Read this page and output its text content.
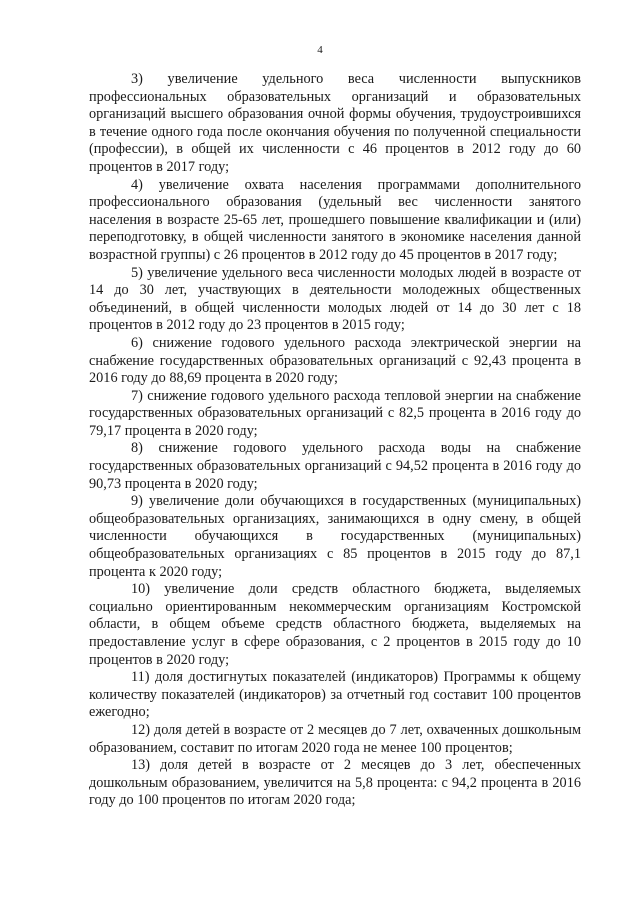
4

3) увеличение удельного веса численности выпускников профессиональных образовательных организаций и образовательных организаций высшего образования очной формы обучения, трудоустроившихся в течение одного года после окончания обучения по полученной специальности (профессии), в общей их численности с 46 процентов в 2012 году до 60 процентов в 2017 году;

4) увеличение охвата населения программами дополнительного профессионального образования (удельный вес численности занятого населения в возрасте 25-65 лет, прошедшего повышение квалификации и (или) переподготовку, в общей численности занятого в экономике населения данной возрастной группы) с 26 процентов в 2012 году до 45 процентов в 2017 году;

5) увеличение удельного веса численности молодых людей в возрасте от 14 до 30 лет, участвующих в деятельности молодежных общественных объединений, в общей численности молодых людей от 14 до 30 лет с 18 процентов в 2012 году до 23 процентов в 2015 году;

6) снижение годового удельного расхода электрической энергии на снабжение государственных образовательных организаций с 92,43 процента в 2016 году до 88,69 процента в 2020 году;

7) снижение годового удельного расхода тепловой энергии на снабжение государственных образовательных организаций с 82,5 процента в 2016 году до 79,17 процента в 2020 году;

8) снижение годового удельного расхода воды на снабжение государственных образовательных организаций с 94,52 процента в 2016 году до 90,73 процента в 2020 году;

9) увеличение доли обучающихся в государственных (муниципальных) общеобразовательных организациях, занимающихся в одну смену, в общей численности обучающихся в государственных (муниципальных) общеобразовательных организациях с 85 процентов в 2015 году до 87,1 процента к 2020 году;

10) увеличение доли средств областного бюджета, выделяемых социально ориентированным некоммерческим организациям Костромской области, в общем объеме средств областного бюджета, выделяемых на предоставление услуг в сфере образования, с 2 процентов в 2015 году до 10 процентов в 2020 году;

11) доля достигнутых показателей (индикаторов) Программы к общему количеству показателей (индикаторов) за отчетный год составит 100 процентов ежегодно;

12) доля детей в возрасте от 2 месяцев до 7 лет, охваченных дошкольным образованием, составит по итогам 2020 года не менее 100 процентов;

13) доля детей в возрасте от 2 месяцев до 3 лет, обеспеченных дошкольным образованием, увеличится на 5,8 процента: с 94,2 процента в 2016 году до 100 процентов по итогам 2020 года;
